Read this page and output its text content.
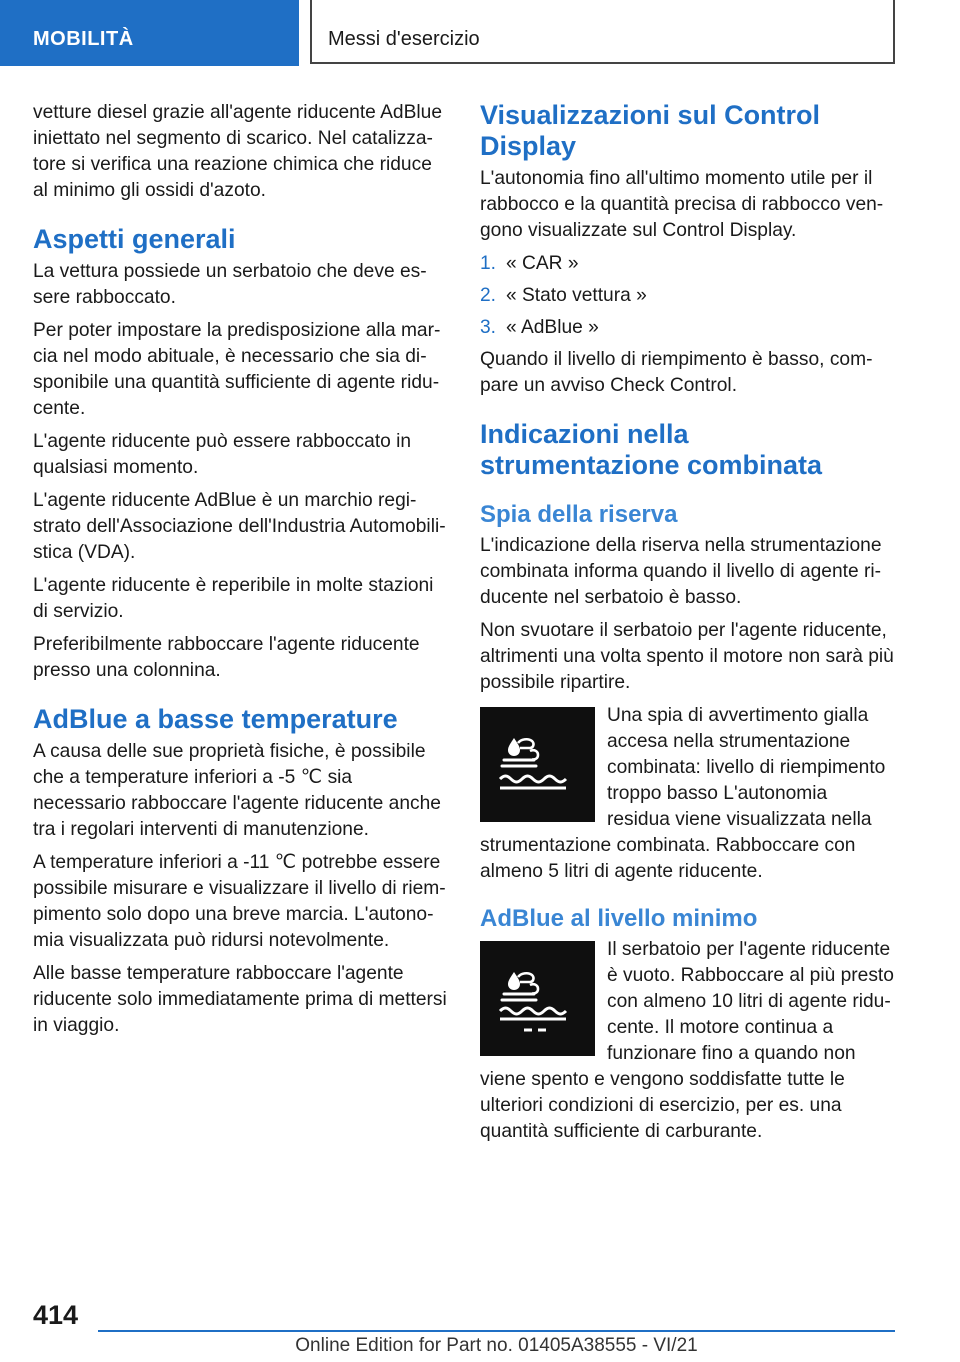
MOBILITÀ	Messi d'esercizio

vetture diesel grazie all'agente riducente AdBlue iniettato nel segmento di scarico. Nel catalizzatore si verifica una reazione chimica che riduce al minimo gli ossidi d'azoto.

Aspetti generali

La vettura possiede un serbatoio che deve essere rabboccato.

Per poter impostare la predisposizione alla marcia nel modo abituale, è necessario che sia disponibile una quantità sufficiente di agente riducente.

L'agente riducente può essere rabboccato in qualsiasi momento.

L'agente riducente AdBlue è un marchio registrato dell'Associazione dell'Industria Automobilistica (VDA).

L'agente riducente è reperibile in molte stazioni di servizio.

Preferibilmente rabboccare l'agente riducente presso una colonnina.

AdBlue a basse temperature

A causa delle sue proprietà fisiche, è possibile che a temperature inferiori a -5 ℃ sia necessario rabboccare l'agente riducente anche tra i regolari interventi di manutenzione.

A temperature inferiori a -11 ℃ potrebbe essere possibile misurare e visualizzare il livello di riempimento solo dopo una breve marcia. L'autonomia visualizzata può ridursi notevolmente.

Alle basse temperature rabboccare l'agente riducente solo immediatamente prima di mettersi in viaggio.

Visualizzazioni sul Control Display

L'autonomia fino all'ultimo momento utile per il rabbocco e la quantità precisa di rabbocco vengono visualizzate sul Control Display.

1. « CAR »
2. « Stato vettura »
3. « AdBlue »

Quando il livello di riempimento è basso, compare un avviso Check Control.

Indicazioni nella strumentazione combinata
Spia della riserva

L'indicazione della riserva nella strumentazione combinata informa quando il livello di agente riducente nel serbatoio è basso.

Non svuotare il serbatoio per l'agente riducente, altrimenti una volta spento il motore non sarà più possibile ripartire.

Una spia di avvertimento gialla accesa nella strumentazione combinata: livello di riempimento troppo basso L'autonomia residua viene visualizzata nella strumentazione combinata. Rabboccare con almeno 5 litri di agente riducente.

AdBlue al livello minimo

Il serbatoio per l'agente riducente è vuoto. Rabboccare al più presto con almeno 10 litri di agente riducente. Il motore continua a funzionare fino a quando non viene spento e vengono soddisfatte tutte le ulteriori condizioni di esercizio, per es. una quantità sufficiente di carburante.

414
Online Edition for Part no. 01405A38555 - VI/21
